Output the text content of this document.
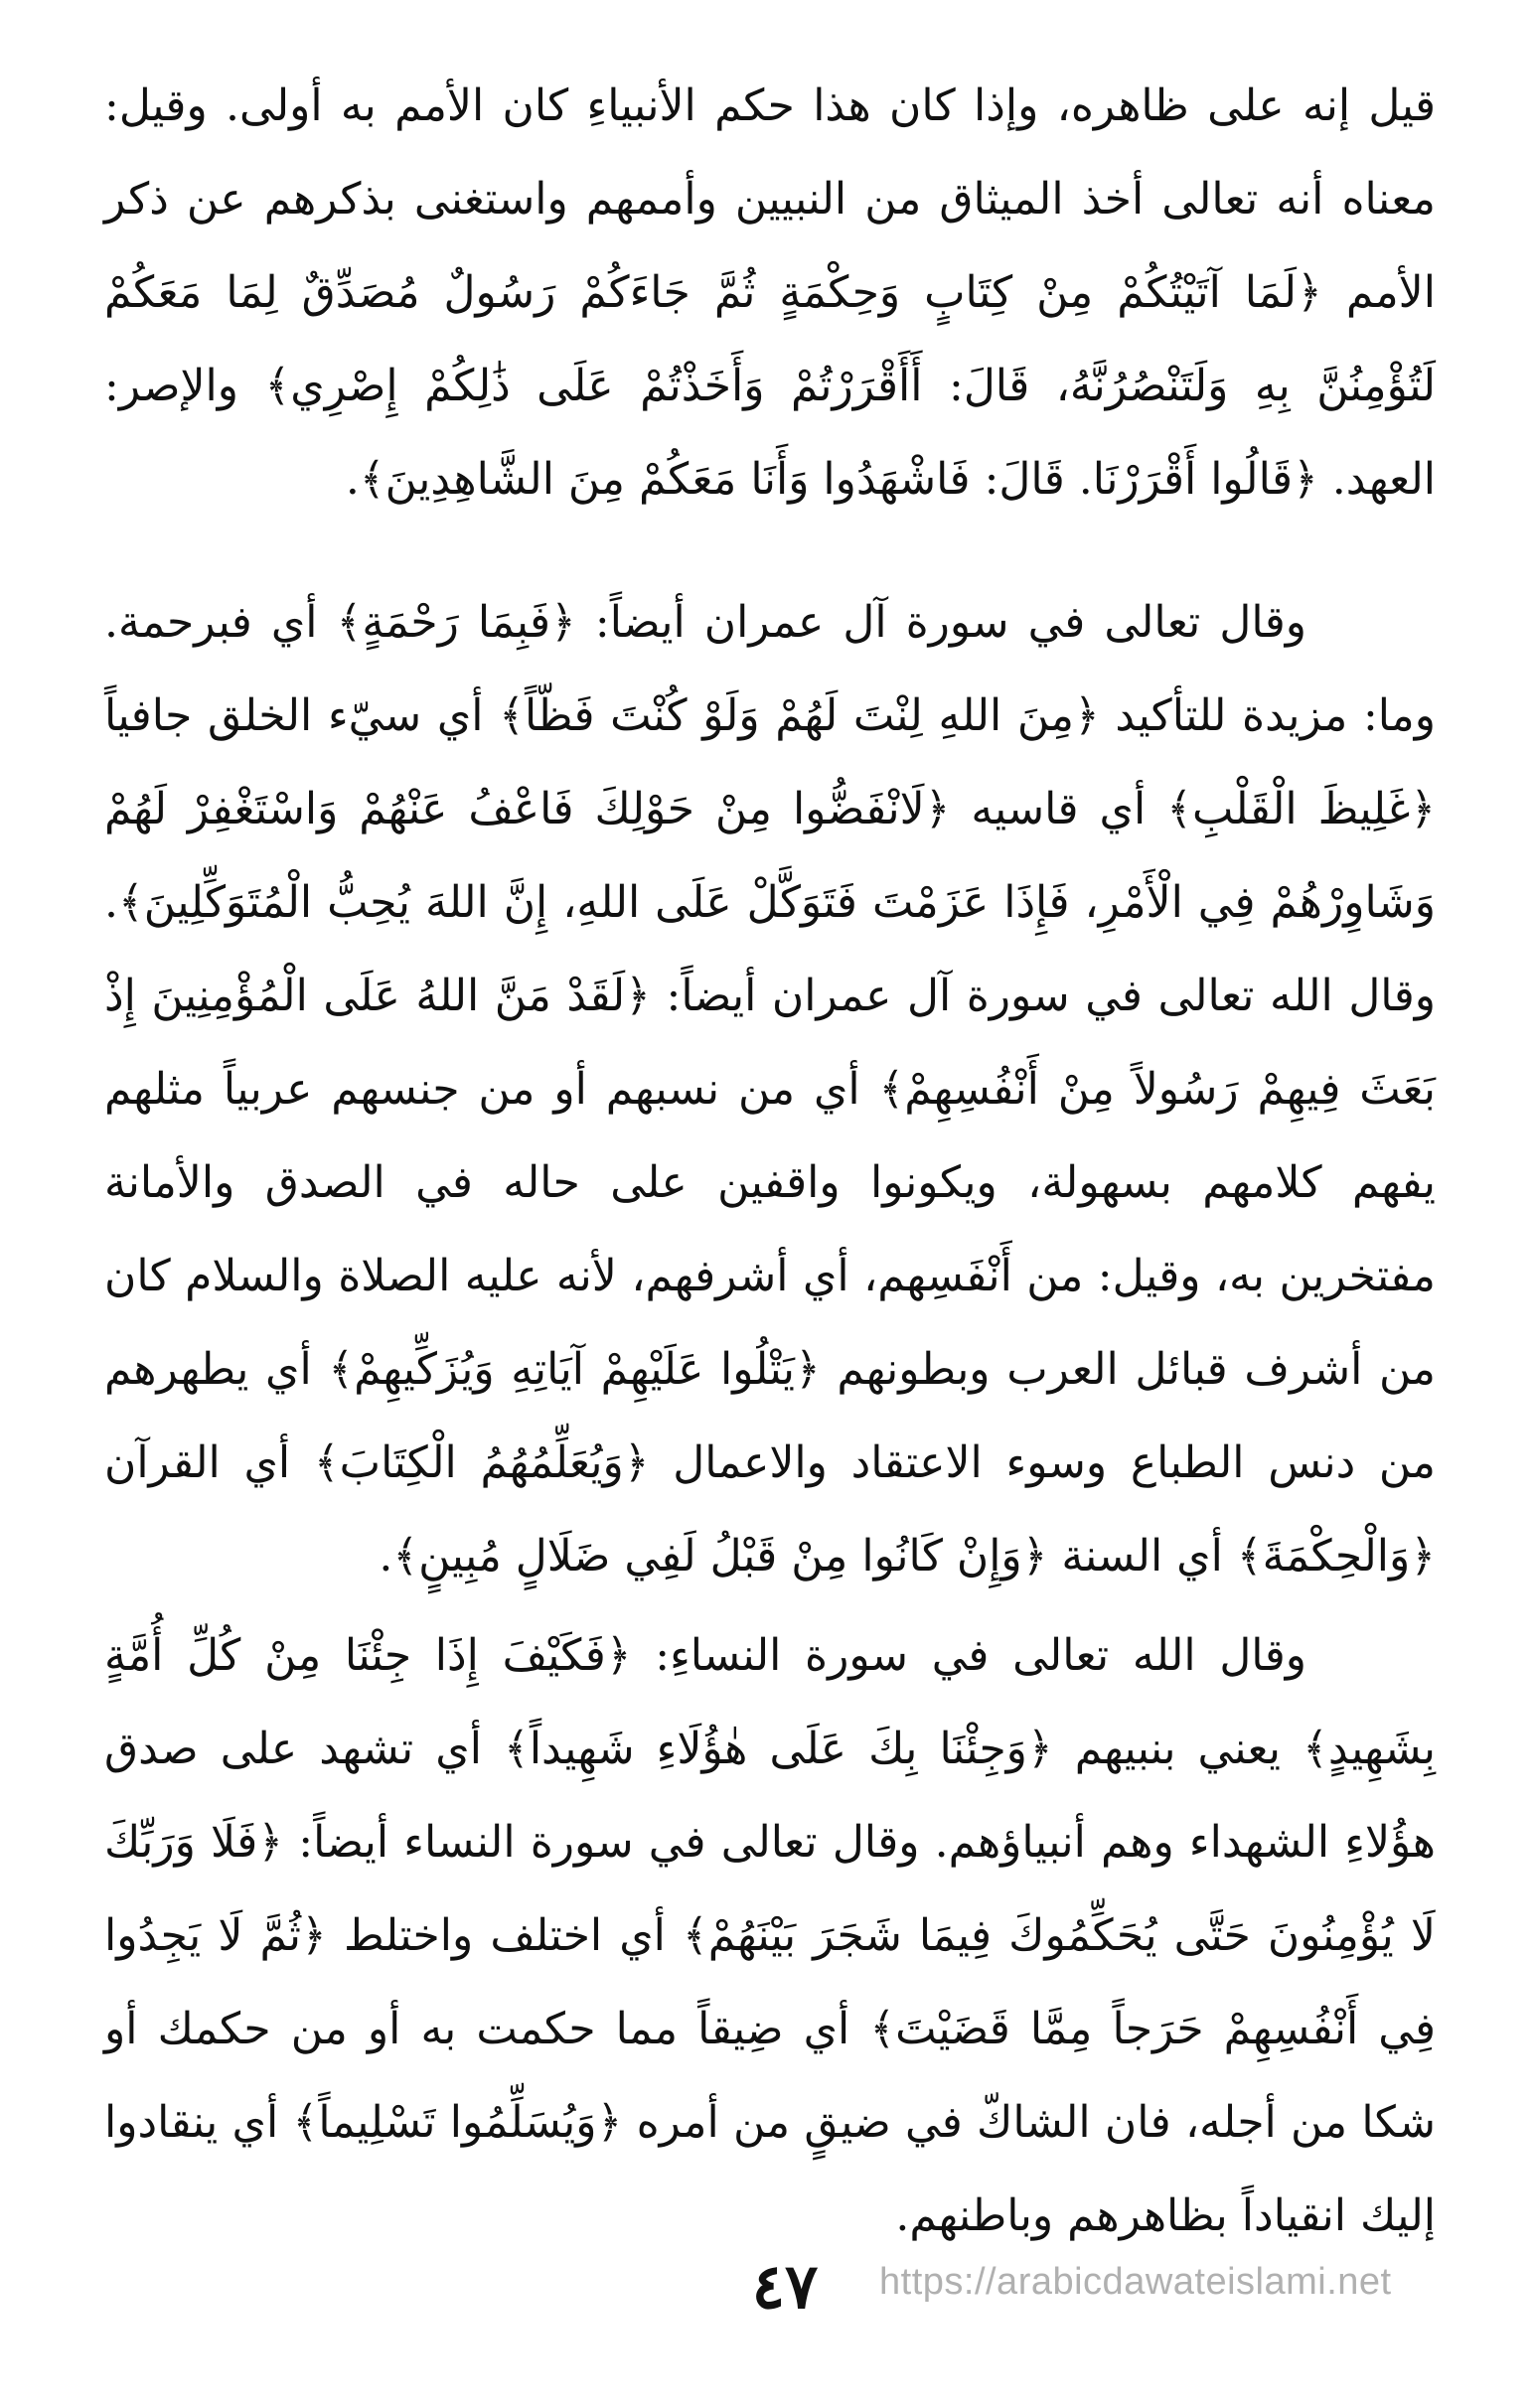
قيل إنه على ظاهره، وإذا كان هذا حكم الأنبياءِ كان الأمم به أولى. وقيل: معناه أنه تعالى أخذ الميثاق من النبيين وأممهم واستغنى بذكرهم عن ذكر الأمم ﴿لَمَا آتَيْتُكُمْ مِنْ كِتَابٍ وَحِكْمَةٍ ثُمَّ جَاءَكُمْ رَسُولٌ مُصَدِّقٌ لِمَا مَعَكُمْ لَتُؤْمِنُنَّ بِهِ وَلَتَنْصُرُنَّهُ، قَالَ: أَأَقْرَرْتُمْ وَأَخَذْتُمْ عَلَى ذَٰلِكُمْ إِصْرِي﴾ والإصر: العهد. ﴿قَالُوا أَقْرَرْنَا. قَالَ: فَاشْهَدُوا وَأَنَا مَعَكُمْ مِنَ الشَّاهِدِينَ﴾.

وقال تعالى في سورة آل عمران أيضاً: ﴿فَبِمَا رَحْمَةٍ﴾ أي فبرحمة. وما: مزيدة للتأكيد ﴿مِنَ اللهِ لِنْتَ لَهُمْ وَلَوْ كُنْتَ فَظّاً﴾ أي سيّء الخلق جافياً ﴿غَلِيظَ الْقَلْبِ﴾ أي قاسيه ﴿لَانْفَضُّوا مِنْ حَوْلِكَ فَاعْفُ عَنْهُمْ وَاسْتَغْفِرْ لَهُمْ وَشَاوِرْهُمْ فِي الْأَمْرِ، فَإِذَا عَزَمْتَ فَتَوَكَّلْ عَلَى اللهِ، إِنَّ اللهَ يُحِبُّ الْمُتَوَكِّلِينَ﴾. وقال الله تعالى في سورة آل عمران أيضاً: ﴿لَقَدْ مَنَّ اللهُ عَلَى الْمُؤْمِنِينَ إِذْ بَعَثَ فِيهِمْ رَسُولاً مِنْ أَنْفُسِهِمْ﴾ أي من نسبهم أو من جنسهم عربياً مثلهم يفهم كلامهم بسهولة، ويكونوا واقفين على حاله في الصدق والأمانة مفتخرين به، وقيل: من أَنْفَسِهم، أي أشرفهم، لأنه عليه الصلاة والسلام كان من أشرف قبائل العرب وبطونهم ﴿يَتْلُوا عَلَيْهِمْ آيَاتِهِ وَيُزَكِّيهِمْ﴾ أي يطهرهم من دنس الطباع وسوء الاعتقاد والاعمال ﴿وَيُعَلِّمُهُمُ الْكِتَابَ﴾ أي القرآن ﴿وَالْحِكْمَةَ﴾ أي السنة ﴿وَإِنْ كَانُوا مِنْ قَبْلُ لَفِي ضَلَالٍ مُبِينٍ﴾.

وقال الله تعالى في سورة النساءِ: ﴿فَكَيْفَ إِذَا جِئْنَا مِنْ كُلِّ أُمَّةٍ بِشَهِيدٍ﴾ يعني بنبيهم ﴿وَجِئْنَا بِكَ عَلَى هٰؤُلَاءِ شَهِيداً﴾ أي تشهد على صدق هؤُلاءِ الشهداء وهم أنبياؤهم. وقال تعالى في سورة النساء أيضاً: ﴿فَلَا وَرَبِّكَ لَا يُؤْمِنُونَ حَتَّى يُحَكِّمُوكَ فِيمَا شَجَرَ بَيْنَهُمْ﴾ أي اختلف واختلط ﴿ثُمَّ لَا يَجِدُوا فِي أَنْفُسِهِمْ حَرَجاً مِمَّا قَضَيْتَ﴾ أي ضِيقاً مما حكمت به أو من حكمك أو شكا من أجله، فان الشاكّ في ضيقٍ من أمره ﴿وَيُسَلِّمُوا تَسْلِيماً﴾ أي ينقادوا إليك انقياداً بظاهرهم وباطنهم.

٤٧	https://arabicdawateislami.net
